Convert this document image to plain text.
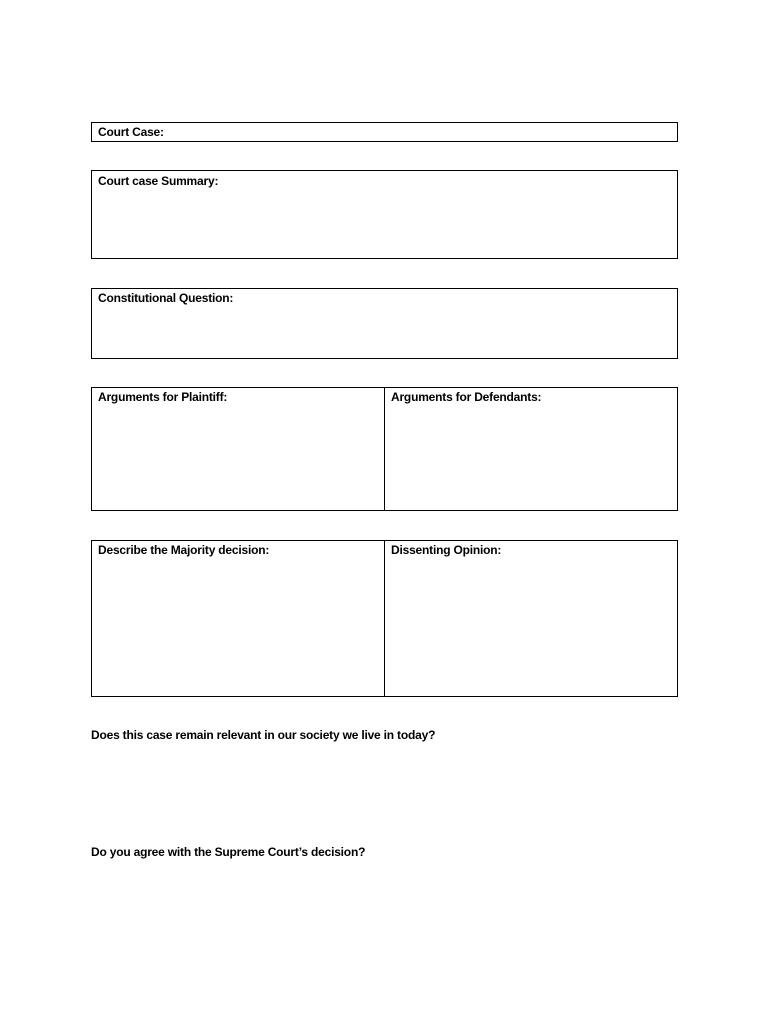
Court Case:
Court case Summary:
Constitutional Question:
Arguments for Plaintiff:	Arguments for Defendants:
Describe the Majority decision:	Dissenting Opinion:
Does this case remain relevant in our society we live in today?
Do you agree with the Supreme Court’s decision?
